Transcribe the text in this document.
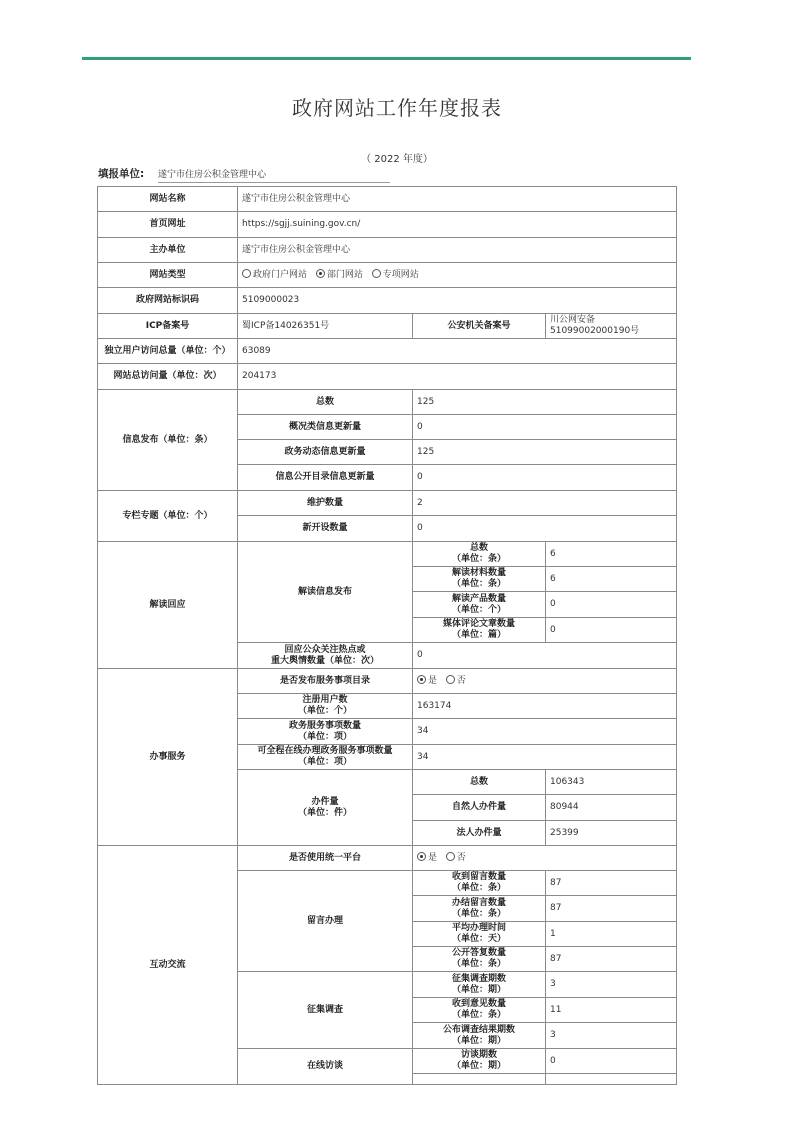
政府网站工作年度报表
（ 2022 年度）
填报单位: 遂宁市住房公积金管理中心
网站名称	遂宁市住房公积金管理中心		
首页网址	https://sgjj.suining.gov.cn/		
主办单位	遂宁市住房公积金管理中心		
网站类型	政府门户网站 部门网站 专项网站		
政府网站标识码	5109000023		
ICP备案号	蜀ICP备14026351号	公安机关备案号	川公网安备 51099002000190号
独立用户访问总量（单位：个）	63089		
网站总访问量（单位：次）	204173		
信息发布（单位：条）	总数	125	
	概况类信息更新量	0	
	政务动态信息更新量	125	
	信息公开目录信息更新量	0	
专栏专题（单位：个）	维护数量	2	
	新开设数量	0	
解读回应	解读信息发布	总数
（单位：条）	6
		解读材料数量
（单位：条）	6
		解读产品数量
（单位：个）	0
		媒体评论文章数量
（单位：篇）	0
	回应公众关注热点或
重大舆情数量（单位：次）	0	
办事服务	是否发布服务事项目录	是 否	
	注册用户数
（单位：个）	163174	
	政务服务事项数量
（单位：项）	34	
	可全程在线办理政务服务事项数量
（单位：项）	34	
	办件量
（单位：件）	总数	106343
		自然人办件量	80944
		法人办件量	25399
互动交流	是否使用统一平台	是 否	
	留言办理	收到留言数量
（单位：条）	87
		办结留言数量
（单位：条）	87
		平均办理时间
（单位：天）	1
		公开答复数量
（单位：条）	87
	征集调查	征集调查期数
（单位：期）	3
		收到意见数量
（单位：条）	11
		公布调查结果期数
（单位：期）	3
	在线访谈	访谈期数
（单位：期）	0
